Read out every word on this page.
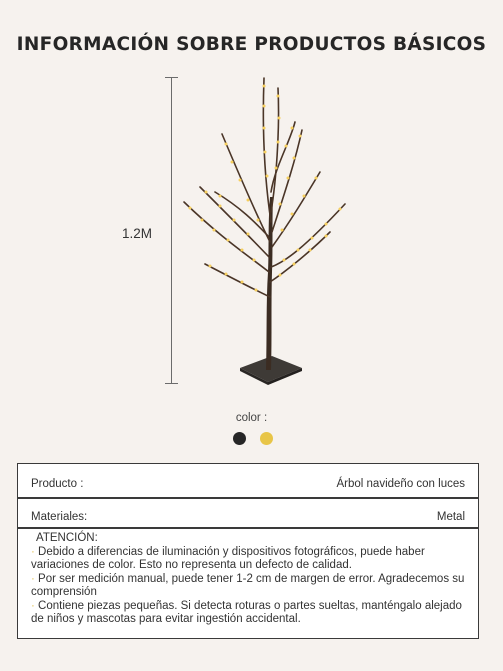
INFORMACIÓN SOBRE PRODUCTOS BÁSICOS
1.2M
color :
Producto :	Árbol navideño con luces
Materiales:	Metal
ATENCIÓN:
· Debido a diferencias de iluminación y dispositivos fotográficos, puede haber variaciones de color. Esto no representa un defecto de calidad.
· Por ser medición manual, puede tener 1-2 cm de margen de error. Agradecemos su comprensión
· Contiene piezas pequeñas. Si detecta roturas o partes sueltas, manténgalo alejado de niños y mascotas para evitar ingestión accidental.
